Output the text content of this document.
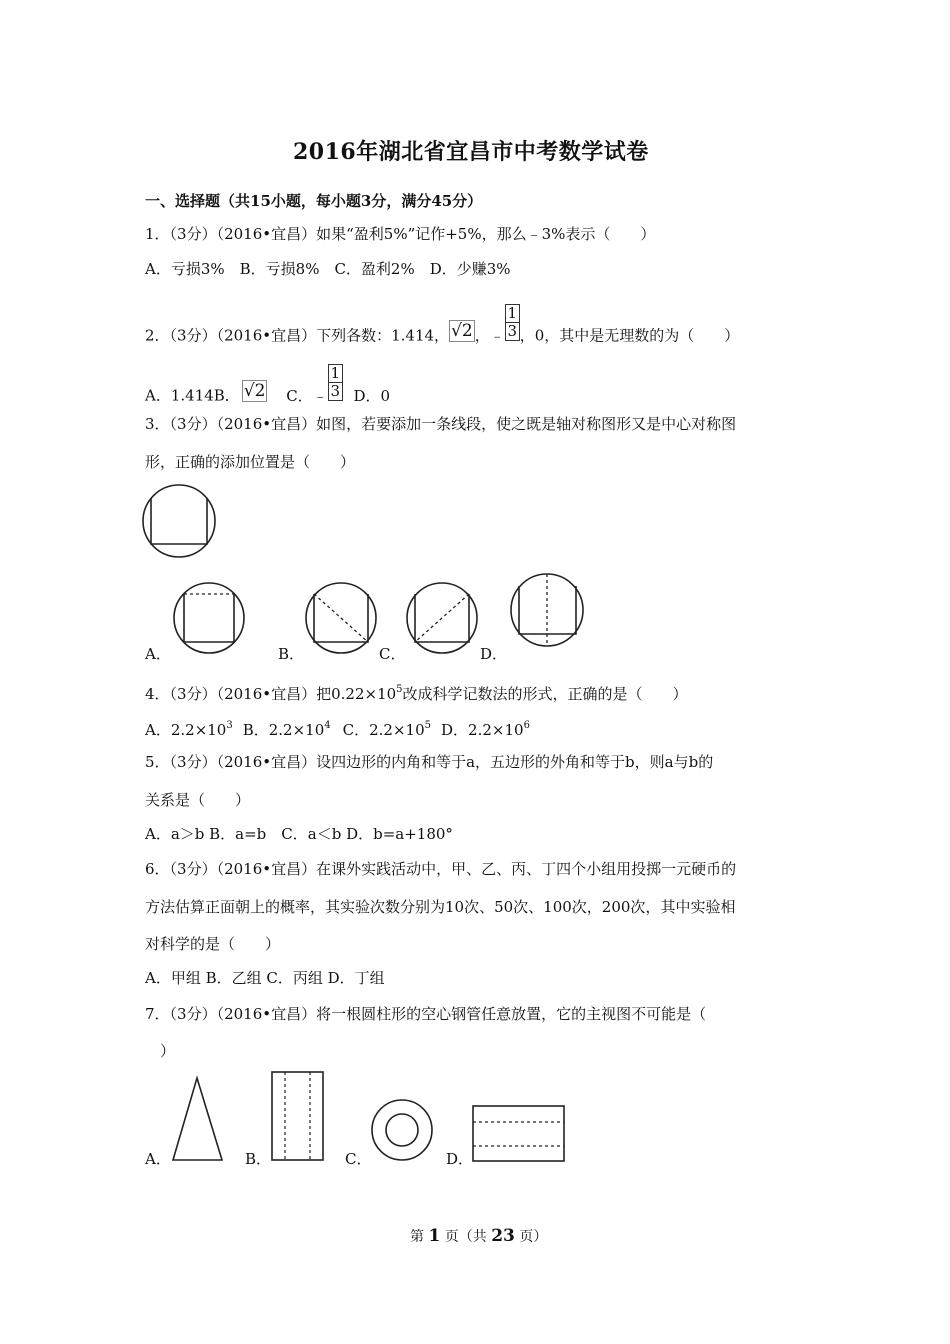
2016年湖北省宜昌市中考数学试卷
一、选择题（共15小题，每小题3分，满分45分）
1．（3分）（2016•宜昌）如果“盈利5%”记作+5%，那么﹣3%表示（　　）
A．亏损3%　B．亏损8%　C．盈利2%　D．少赚3%
2．（3分）（2016•宜昌）下列各数：1.414， √2 ，﹣ $\frac{1}{3}$，0，其中是无理数的为（　　）
A．1.414B． √2 C．﹣ $\frac{1}{3}$ D．0
3．（3分）（2016•宜昌）如图，若要添加一条线段，使之既是轴对称图形又是中心对称图
形，正确的添加位置是（　　）
A．	B．	C．	D．
4．（3分）（2016•宜昌）把$0.22\times 10^5$改成科学记数法的形式，正确的是（　　）
A．$2.2\times 10^3$ B．$2.2\times 10^4$ C．$2.2\times 10^5$ D．$2.2\times 10^6$
5．（3分）（2016•宜昌）设四边形的内角和等于a，五边形的外角和等于b，则a与b的
关系是（　　）
A．a＞b B．a=b　C．a＜b D．b=a+180°
6．（3分）（2016•宜昌）在课外实践活动中，甲、乙、丙、丁四个小组用投掷一元硬币的
方法估算正面朝上的概率，其实验次数分别为10次、50次、100次，200次，其中实验相
对科学的是（　　）
A．甲组 B．乙组 C．丙组 D．丁组
7．（3分）（2016•宜昌）将一根圆柱形的空心钢管任意放置，它的主视图不可能是（
）
A．	B．	C．	D．
第 1 页（共 23 页）
